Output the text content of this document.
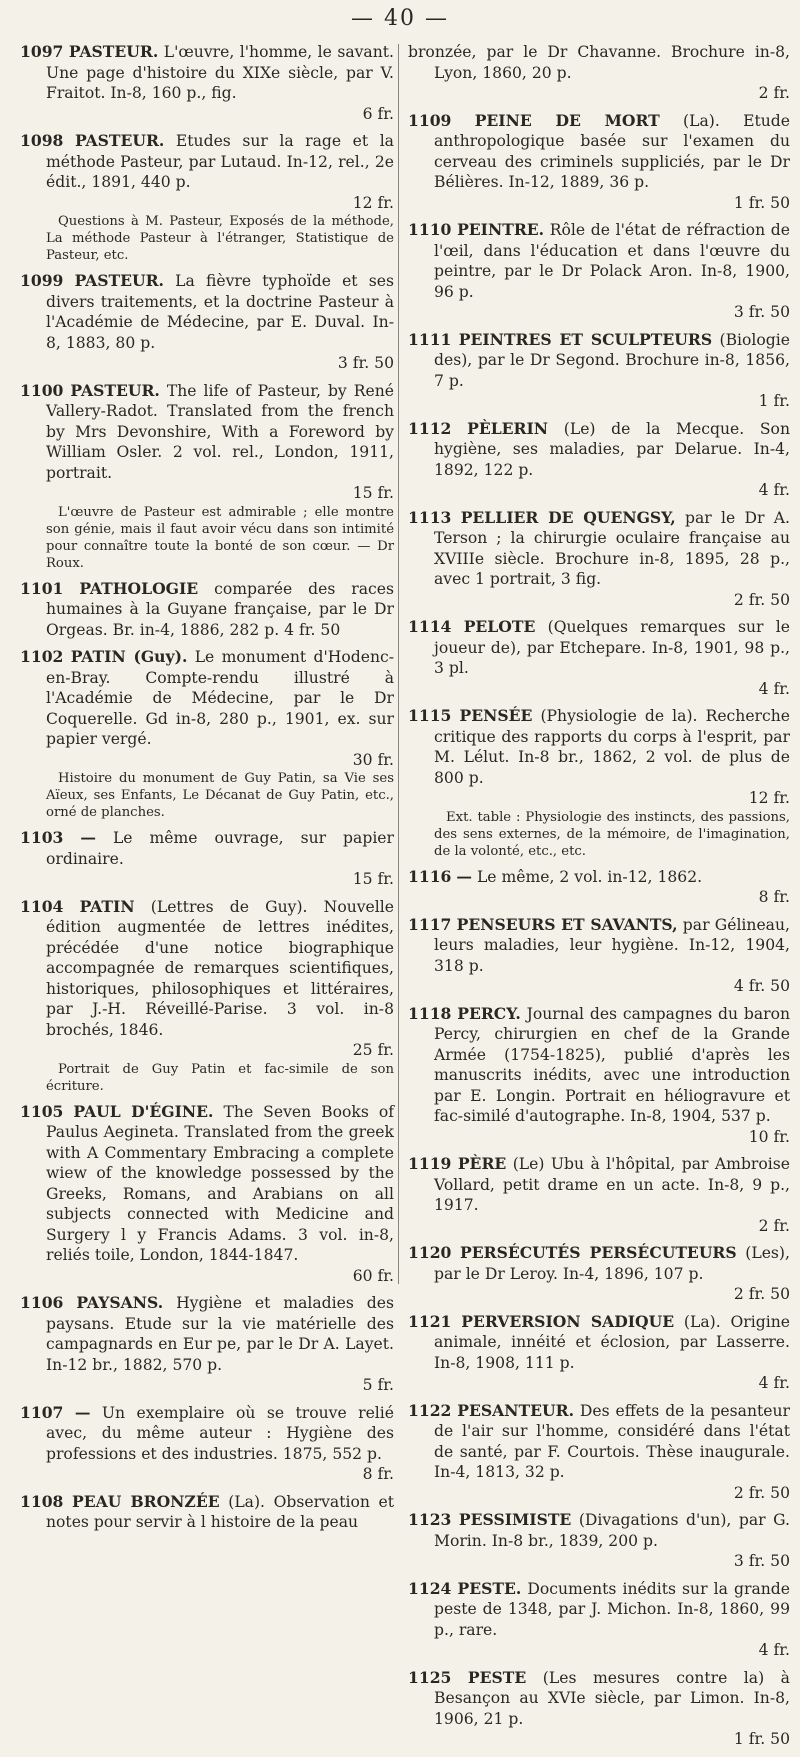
— 40 —

1097 PASTEUR. L'œuvre, l'homme, le savant. Une page d'histoire du XIXe siècle, par V. Fraitot. In-8, 160 p., fig.
6 fr.

1098 PASTEUR. Etudes sur la rage et la méthode Pasteur, par Lutaud. In-12, rel., 2e édit., 1891, 440 p.
12 fr.

Questions à M. Pasteur, Exposés de la méthode, La méthode Pasteur à l'étranger, Statistique de Pasteur, etc.

1099 PASTEUR. La fièvre typhoïde et ses divers traitements, et la doctrine Pasteur à l'Académie de Médecine, par E. Duval. In-8, 1883, 80 p.
3 fr. 50

1100 PASTEUR. The life of Pasteur, by René Vallery-Radot. Translated from the french by Mrs Devonshire, With a Foreword by William Osler. 2 vol. rel., London, 1911, portrait.
15 fr.

L'œuvre de Pasteur est admirable ; elle montre son génie, mais il faut avoir vécu dans son intimité pour connaître toute la bonté de son cœur. — Dr Roux.

1101 PATHOLOGIE comparée des races humaines à la Guyane française, par le Dr Orgeas. Br. in-4, 1886, 282 p. 4 fr. 50

1102 PATIN (Guy). Le monument d'Hodenc-en-Bray. Compte-rendu illustré à l'Académie de Médecine, par le Dr Coquerelle. Gd in-8, 280 p., 1901, ex. sur papier vergé.
30 fr.

Histoire du monument de Guy Patin, sa Vie ses Aïeux, ses Enfants, Le Décanat de Guy Patin, etc., orné de planches.

1103 — Le même ouvrage, sur papier ordinaire.
15 fr.

1104 PATIN (Lettres de Guy). Nouvelle édition augmentée de lettres inédites, précédée d'une notice biographique accompagnée de remarques scientifiques, historiques, philosophiques et littéraires, par J.-H. Réveillé-Parise. 3 vol. in-8 brochés, 1846.
25 fr.

Portrait de Guy Patin et fac-simile de son écriture.

1105 PAUL D'ÉGINE. The Seven Books of Paulus Aegineta. Translated from the greek with A Commentary Embracing a complete wiew of the knowledge possessed by the Greeks, Romans, and Arabians on all subjects connected with Medicine and Surgery l y Francis Adams. 3 vol. in-8, reliés toile, London, 1844-1847.
60 fr.

1106 PAYSANS. Hygiène et maladies des paysans. Etude sur la vie matérielle des campagnards en Eur pe, par le Dr A. Layet. In-12 br., 1882, 570 p.
5 fr.

1107 — Un exemplaire où se trouve relié avec, du même auteur : Hygiène des professions et des industries. 1875, 552 p.
8 fr.

1108 PEAU BRONZÉE (La). Observation et notes pour servir à l histoire de la peau

bronzée, par le Dr Chavanne. Brochure in-8, Lyon, 1860, 20 p.
2 fr.

1109 PEINE DE MORT (La). Etude anthropologique basée sur l'examen du cerveau des criminels suppliciés, par le Dr Bélières. In-12, 1889, 36 p.
1 fr. 50

1110 PEINTRE. Rôle de l'état de réfraction de l'œil, dans l'éducation et dans l'œuvre du peintre, par le Dr Polack Aron. In-8, 1900, 96 p.
3 fr. 50

1111 PEINTRES ET SCULPTEURS (Biologie des), par le Dr Segond. Brochure in-8, 1856, 7 p.
1 fr.

1112 PÈLERIN (Le) de la Mecque. Son hygiène, ses maladies, par Delarue. In-4, 1892, 122 p.
4 fr.

1113 PELLIER DE QUENGSY, par le Dr A. Terson ; la chirurgie oculaire française au XVIIIe siècle. Brochure in-8, 1895, 28 p., avec 1 portrait, 3 fig.
2 fr. 50

1114 PELOTE (Quelques remarques sur le joueur de), par Etchepare. In-8, 1901, 98 p., 3 pl.
4 fr.

1115 PENSÉE (Physiologie de la). Recherche critique des rapports du corps à l'esprit, par M. Lélut. In-8 br., 1862, 2 vol. de plus de 800 p.
12 fr.

Ext. table : Physiologie des instincts, des passions, des sens externes, de la mémoire, de l'imagination, de la volonté, etc., etc.

1116 — Le même, 2 vol. in-12, 1862.
8 fr.

1117 PENSEURS ET SAVANTS, par Gélineau, leurs maladies, leur hygiène. In-12, 1904, 318 p.
4 fr. 50

1118 PERCY. Journal des campagnes du baron Percy, chirurgien en chef de la Grande Armée (1754-1825), publié d'après les manuscrits inédits, avec une introduction par E. Longin. Portrait en héliogravure et fac-similé d'autographe. In-8, 1904, 537 p.
10 fr.

1119 PÈRE (Le) Ubu à l'hôpital, par Ambroise Vollard, petit drame en un acte. In-8, 9 p., 1917.
2 fr.

1120 PERSÉCUTÉS PERSÉCUTEURS (Les), par le Dr Leroy. In-4, 1896, 107 p.
2 fr. 50

1121 PERVERSION SADIQUE (La). Origine animale, innéité et éclosion, par Lasserre. In-8, 1908, 111 p.
4 fr.

1122 PESANTEUR. Des effets de la pesanteur de l'air sur l'homme, considéré dans l'état de santé, par F. Courtois. Thèse inaugurale. In-4, 1813, 32 p.
2 fr. 50

1123 PESSIMISTE (Divagations d'un), par G. Morin. In-8 br., 1839, 200 p.
3 fr. 50

1124 PESTE. Documents inédits sur la grande peste de 1348, par J. Michon. In-8, 1860, 99 p., rare.
4 fr.

1125 PESTE (Les mesures contre la) à Besançon au XVIe siècle, par Limon. In-8, 1906, 21 p.
1 fr. 50
